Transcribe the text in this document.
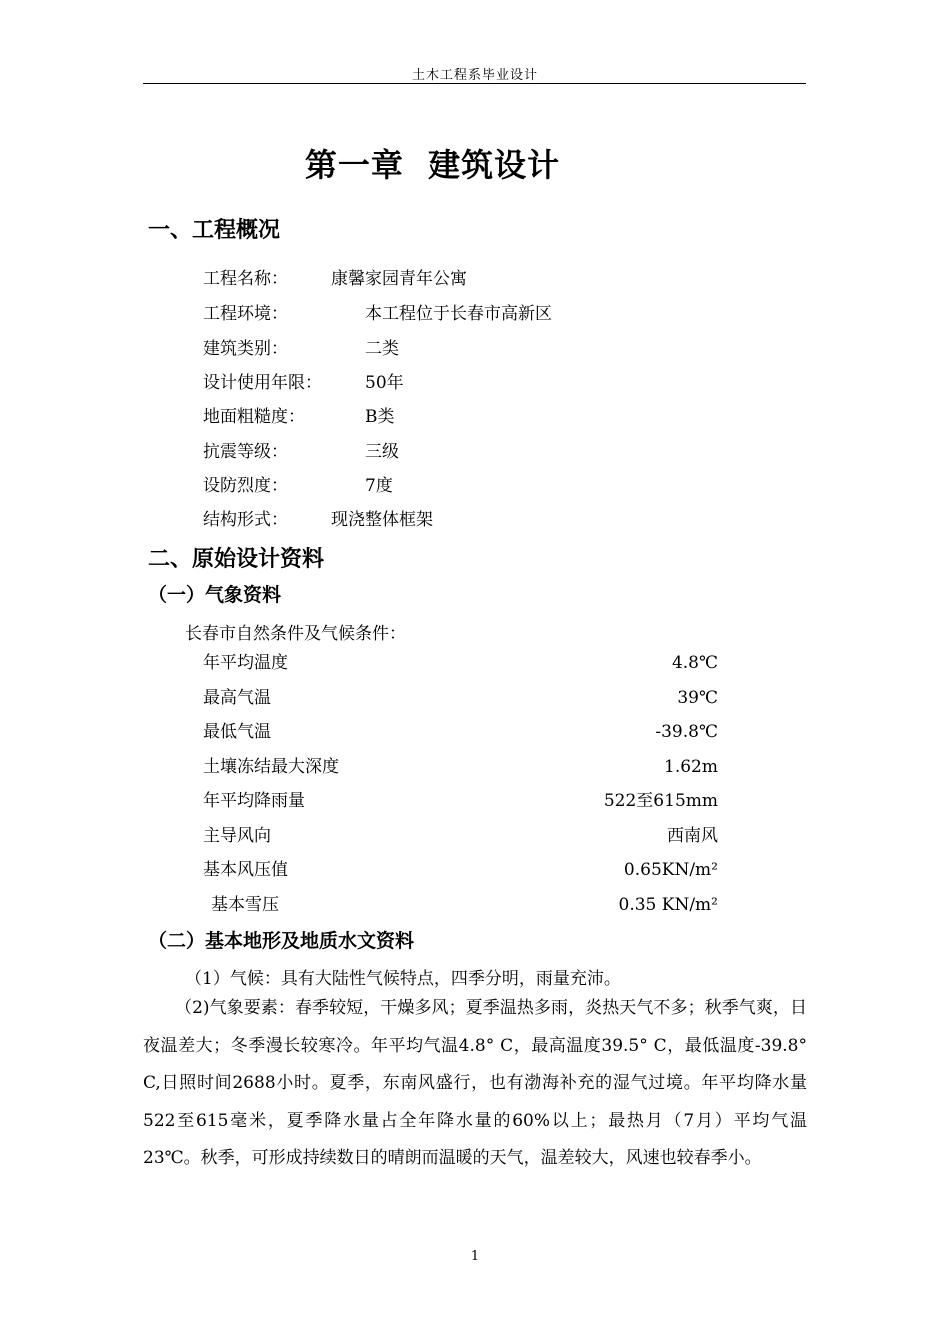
土木工程系毕业设计
第一章  建筑设计
一、工程概况
工程名称：	康馨家园青年公寓
工程环境：	本工程位于长春市高新区
建筑类别：	二类
设计使用年限：	50年
地面粗糙度：	B类
抗震等级：	三级
设防烈度：	7度
结构形式：	现浇整体框架
二、原始设计资料
（一）气象资料
长春市自然条件及气候条件：
年平均温度	4.8℃
最高气温	39℃
最低气温	-39.8℃
土壤冻结最大深度	1.62m
年平均降雨量	522至615mm
主导风向	西南风
基本风压值	0.65KN/m²
基本雪压	0.35 KN/m²
（二）基本地形及地质水文资料
（1）气候：具有大陆性气候特点，四季分明，雨量充沛。
（2)气象要素：春季较短，干燥多风；夏季温热多雨，炎热天气不多；秋季气爽，日夜温差大；冬季漫长较寒冷。年平均气温4.8° C，最高温度39.5° C，最低温度-39.8° C,日照时间2688小时。夏季，东南风盛行，也有渤海补充的湿气过境。年平均降水量522至615毫米，夏季降水量占全年降水量的60%以上；最热月（7月）平均气温23℃。秋季，可形成持续数日的晴朗而温暖的天气，温差较大，风速也较春季小。
1
